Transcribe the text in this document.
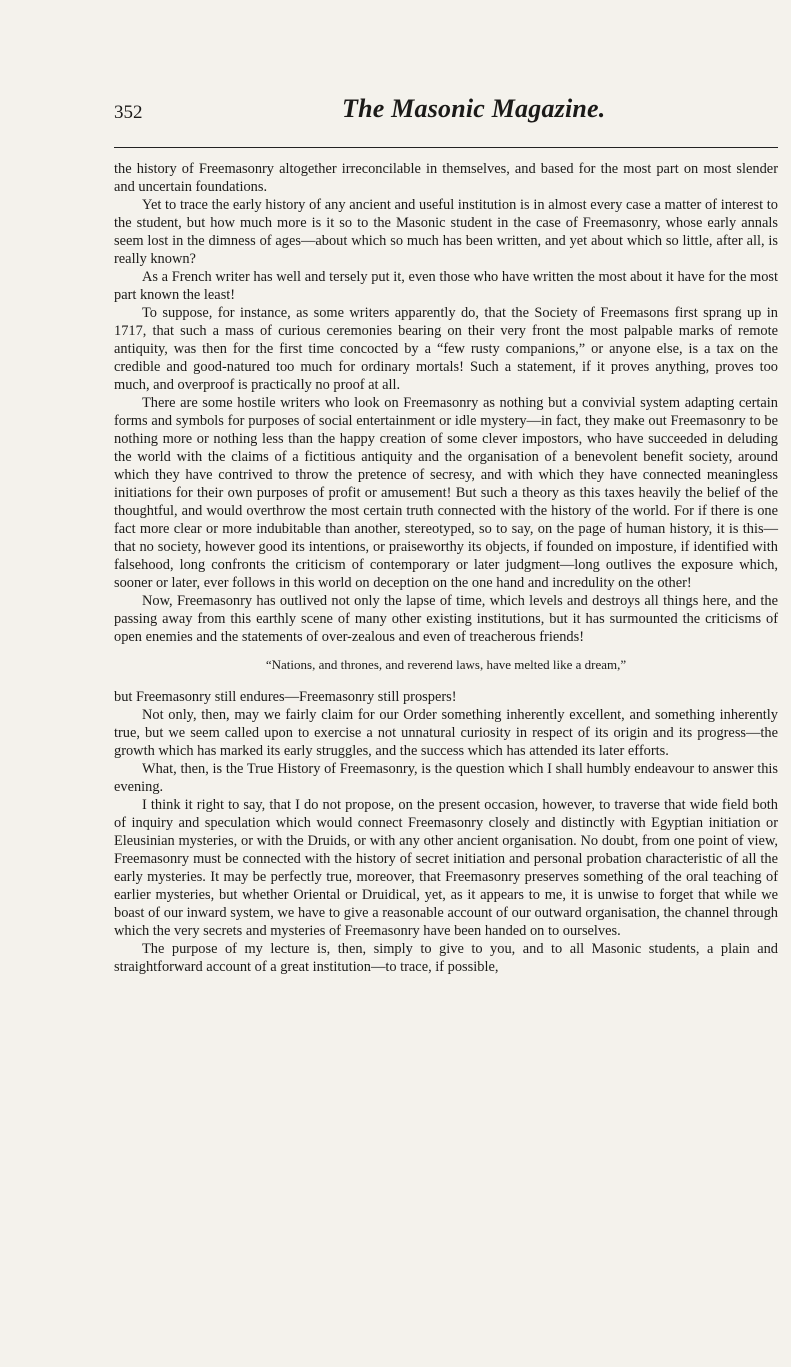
352	The Masonic Magazine.

the history of Freemasonry altogether irreconcilable in themselves, and based for the most part on most slender and uncertain foundations.

Yet to trace the early history of any ancient and useful institution is in almost every case a matter of interest to the student, but how much more is it so to the Masonic student in the case of Freemasonry, whose early annals seem lost in the dimness of ages—about which so much has been written, and yet about which so little, after all, is really known?

As a French writer has well and tersely put it, even those who have written the most about it have for the most part known the least!

To suppose, for instance, as some writers apparently do, that the Society of Freemasons first sprang up in 1717, that such a mass of curious ceremonies bearing on their very front the most palpable marks of remote antiquity, was then for the first time concocted by a “few rusty companions,” or anyone else, is a tax on the credible and good-natured too much for ordinary mortals! Such a statement, if it proves anything, proves too much, and overproof is practically no proof at all.

There are some hostile writers who look on Freemasonry as nothing but a convivial system adapting certain forms and symbols for purposes of social entertainment or idle mystery—in fact, they make out Freemasonry to be nothing more or nothing less than the happy creation of some clever impostors, who have succeeded in deluding the world with the claims of a fictitious antiquity and the organisation of a benevolent benefit society, around which they have contrived to throw the pretence of secresy, and with which they have connected meaningless initiations for their own purposes of profit or amusement! But such a theory as this taxes heavily the belief of the thoughtful, and would overthrow the most certain truth connected with the history of the world. For if there is one fact more clear or more indubitable than another, stereotyped, so to say, on the page of human history, it is this—that no society, however good its intentions, or praiseworthy its objects, if founded on imposture, if identified with falsehood, long confronts the criticism of contemporary or later judgment—long outlives the exposure which, sooner or later, ever follows in this world on deception on the one hand and incredulity on the other!

Now, Freemasonry has outlived not only the lapse of time, which levels and destroys all things here, and the passing away from this earthly scene of many other existing institutions, but it has surmounted the criticisms of open enemies and the statements of over-zealous and even of treacherous friends!

“Nations, and thrones, and reverend laws, have melted like a dream,”

but Freemasonry still endures—Freemasonry still prospers!

Not only, then, may we fairly claim for our Order something inherently excellent, and something inherently true, but we seem called upon to exercise a not unnatural curiosity in respect of its origin and its progress—the growth which has marked its early struggles, and the success which has attended its later efforts.

What, then, is the True History of Freemasonry, is the question which I shall humbly endeavour to answer this evening.

I think it right to say, that I do not propose, on the present occasion, however, to traverse that wide field both of inquiry and speculation which would connect Freemasonry closely and distinctly with Egyptian initiation or Eleusinian mysteries, or with the Druids, or with any other ancient organisation. No doubt, from one point of view, Freemasonry must be connected with the history of secret initiation and personal probation characteristic of all the early mysteries. It may be perfectly true, moreover, that Freemasonry preserves something of the oral teaching of earlier mysteries, but whether Oriental or Druidical, yet, as it appears to me, it is unwise to forget that while we boast of our inward system, we have to give a reasonable account of our outward organisation, the channel through which the very secrets and mysteries of Freemasonry have been handed on to ourselves.

The purpose of my lecture is, then, simply to give to you, and to all Masonic students, a plain and straightforward account of a great institution—to trace, if possible,
